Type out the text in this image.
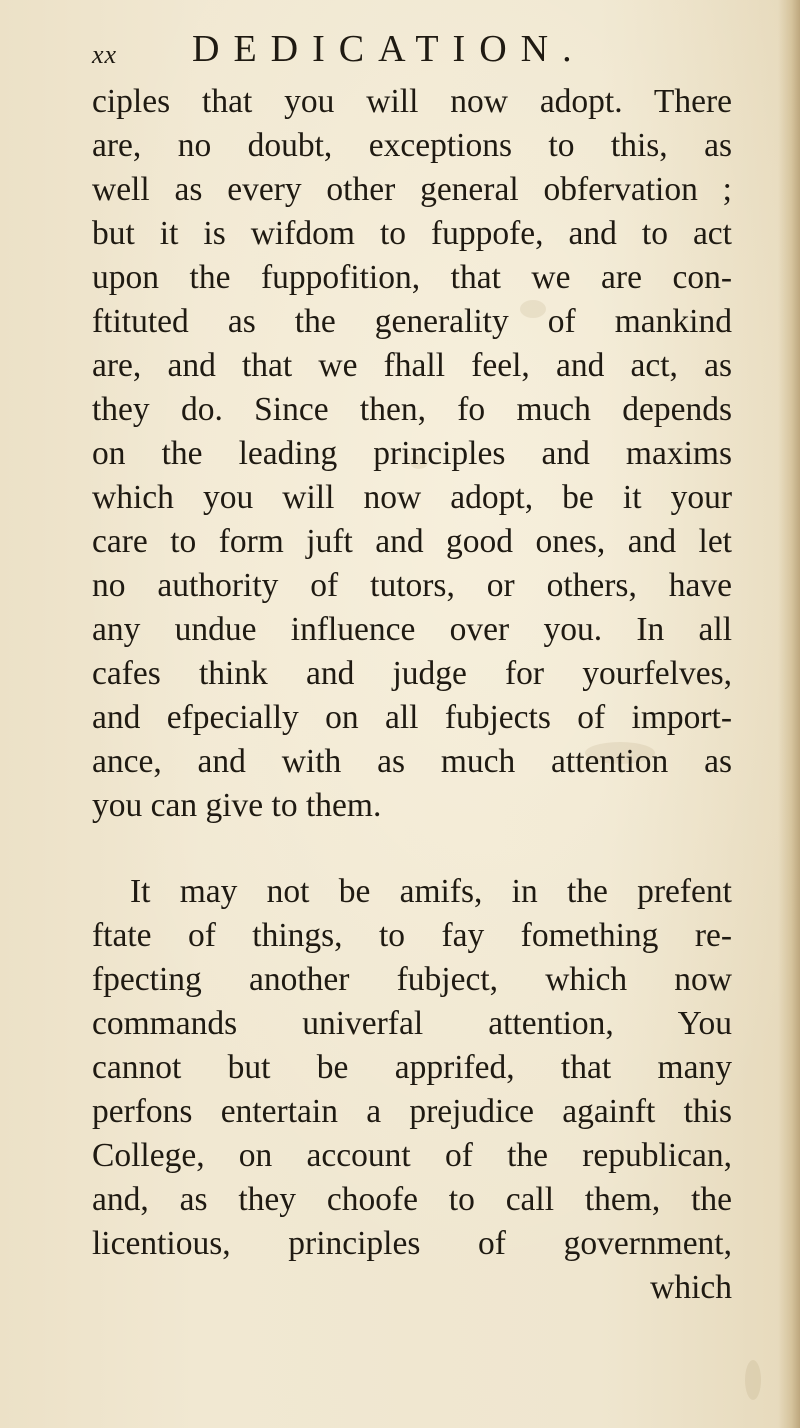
xx DEDICATION.
ciples that you will now adopt. There
are, no doubt, exceptions to this, as
well as every other general obfervation ;
but it is wifdom to fuppofe, and to act
upon the fuppofition, that we are con-
ftituted as the generality of mankind
are, and that we fhall feel, and act, as
they do. Since then, fo much depends
on the leading principles and maxims
which you will now adopt, be it your
care to form juft and good ones, and let
no authority of tutors, or others, have
any undue influence over you. In all
cafes think and judge for yourfelves,
and efpecially on all fubjects of import-
ance, and with as much attention as
you can give to them.
It may not be amifs, in the prefent
ftate of things, to fay fomething re-
fpecting another fubject, which now
commands univerfal attention, You
cannot but be apprifed, that many
perfons entertain a prejudice againft this
College, on account of the republican,
and, as they choofe to call them, the
licentious, principles of government,
which
